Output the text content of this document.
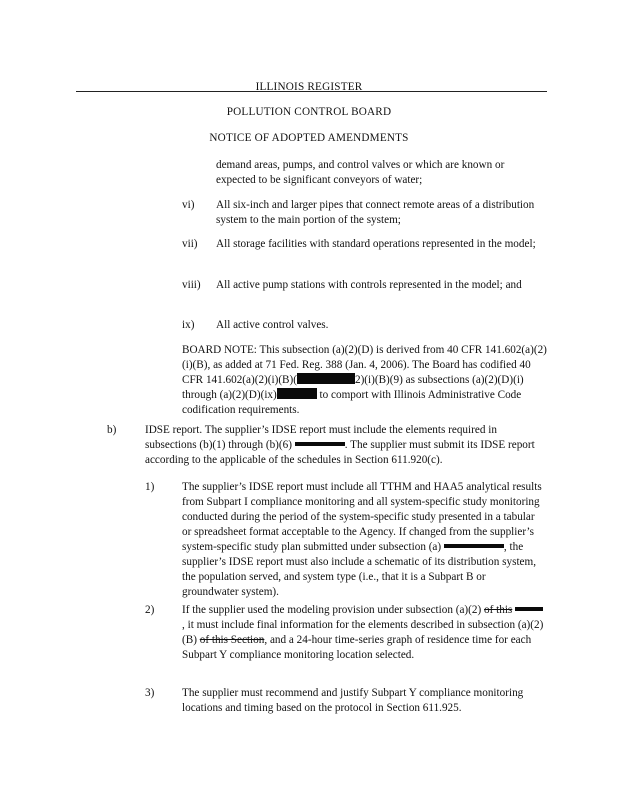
ILLINOIS REGISTER
POLLUTION CONTROL BOARD
NOTICE OF ADOPTED AMENDMENTS

demand areas, pumps, and control valves or which are known or expected to be significant conveyors of water;

vi) All six-inch and larger pipes that connect remote areas of a distribution system to the main portion of the system;

vii) All storage facilities with standard operations represented in the model;

viii) All active pump stations with controls represented in the model; and

ix) All active control valves.

BOARD NOTE: This subsection (a)(2)(D) is derived from 40 CFR 141.602(a)(2)(i)(B), as added at 71 Fed. Reg. 388 (Jan. 4, 2006). The Board has codified 40 CFR 141.602(a)(2)(i)(B)(	2)(i)(B)(9) as subsections (a)(2)(D)(i) through (a)(2)(D)(ix)	to comport with Illinois Administrative Code codification requirements.

b)	IDSE report. The supplier’s IDSE report must include the elements required in subsections (b)(1) through (b)(6)	. The supplier must submit its IDSE report according to the applicable of the schedules in Section 611.920(c).

1) The supplier’s IDSE report must include all TTHM and HAA5 analytical results from Subpart I compliance monitoring and all system-specific study monitoring conducted during the period of the system-specific study presented in a tabular or spreadsheet format acceptable to the Agency. If changed from the supplier’s system-specific study plan submitted under subsection (a)	, the supplier’s IDSE report must also include a schematic of its distribution system, the population served, and system type (i.e., that it is a Subpart B or groundwater system).

2) If the supplier used the modeling provision under subsection (a)(2) of this , it must include final information for the elements described in subsection (a)(2)(B) of this Section, and a 24-hour time-series graph of residence time for each Subpart Y compliance monitoring location selected.

3) The supplier must recommend and justify Subpart Y compliance monitoring locations and timing based on the protocol in Section 611.925.
